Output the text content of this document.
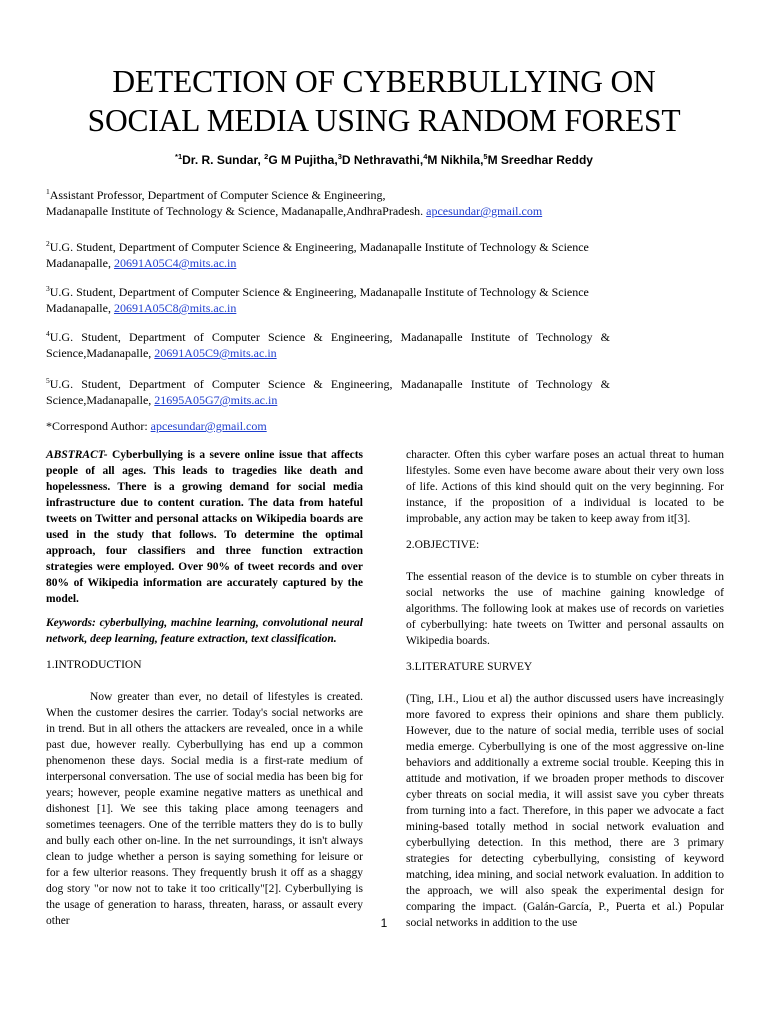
DETECTION OF CYBERBULLYING ON
SOCIAL MEDIA USING RANDOM FOREST
$^{*1}$Dr. R. Sundar, $^2$G M Pujitha,$^3$D Nethravathi,$^4$M Nikhila,$^5$M Sreedhar Reddy
$^1$Assistant Professor, Department of Computer Science & Engineering,
Madanapalle Institute of Technology & Science, Madanapalle,AndhraPradesh. apcesundar@gmail.com
$^2$U.G. Student, Department of Computer Science & Engineering, Madanapalle Institute of Technology & Science
Madanapalle, 20691A05C4@mits.ac.in
$^3$U.G. Student, Department of Computer Science & Engineering, Madanapalle Institute of Technology & Science
Madanapalle, 20691A05C8@mits.ac.in
$^4$U.G. Student, Department of Computer Science & Engineering, Madanapalle Institute of Technology &
Science,Madanapalle, 20691A05C9@mits.ac.in
$^5$U.G. Student, Department of Computer Science & Engineering, Madanapalle Institute of Technology &
Science,Madanapalle, 21695A05G7@mits.ac.in
*Correspond Author: apcesundar@gmail.com

ABSTRACT- Cyberbullying is a severe online issue that affects people of all ages. This leads to tragedies like death and hopelessness. There is a growing demand for social media infrastructure due to content curation. The data from hateful tweets on Twitter and personal attacks on Wikipedia boards are used in the study that follows. To determine the optimal approach, four classifiers and three function extraction strategies were employed. Over 90% of tweet records and over 80% of Wikipedia information are accurately captured by the model.

Keywords: cyberbullying, machine learning, convolutional neural network, deep learning, feature extraction, text classification.

1.INTRODUCTION

Now greater than ever, no detail of lifestyles is created. When the customer desires the carrier. Today's social networks are in trend. But in all others the attackers are revealed, once in a while past due, however really. Cyberbullying has end up a common phenomenon these days. Social media is a first-rate medium of interpersonal conversation. The use of social media has been big for years; however, people examine negative matters as unethical and dishonest [1]. We see this taking place among teenagers and sometimes teenagers. One of the terrible matters they do is to bully and bully each other on-line. In the net surroundings, it isn't always clean to judge whether a person is saying something for leisure or for a few ulterior reasons. They frequently brush it off as a shaggy dog story "or now not to take it too critically"[2]. Cyberbullying is the usage of generation to harass, threaten, harass, or assault every other

character. Often this cyber warfare poses an actual threat to human lifestyles. Some even have become aware about their very own loss of life. Actions of this kind should quit on the very beginning. For instance, if the proposition of a individual is located to be improbable, any action may be taken to keep away from it[3].

2.OBJECTIVE:

The essential reason of the device is to stumble on cyber threats in social networks the use of machine gaining knowledge of algorithms. The following look at makes use of records on varieties of cyberbullying: hate tweets on Twitter and personal assaults on Wikipedia boards.

3.LITERATURE SURVEY

(Ting, I.H., Liou et al) the author discussed users have increasingly more favored to express their opinions and share them publicly. However, due to the nature of social media, terrible uses of social media emerge. Cyberbullying is one of the most aggressive on-line behaviors and additionally a extreme social trouble. Keeping this in attitude and motivation, if we broaden proper methods to discover cyber threats on social media, it will assist save you cyber threats from turning into a fact. Therefore, in this paper we advocate a fact mining-based totally method in social network evaluation and cyberbullying detection. In this method, there are 3 primary strategies for detecting cyberbullying, consisting of keyword matching, idea mining, and social network evaluation. In addition to the approach, we will also speak the experimental design for comparing the impact. (Galán-García, P., Puerta et al.) Popular social networks in addition to the use

1
